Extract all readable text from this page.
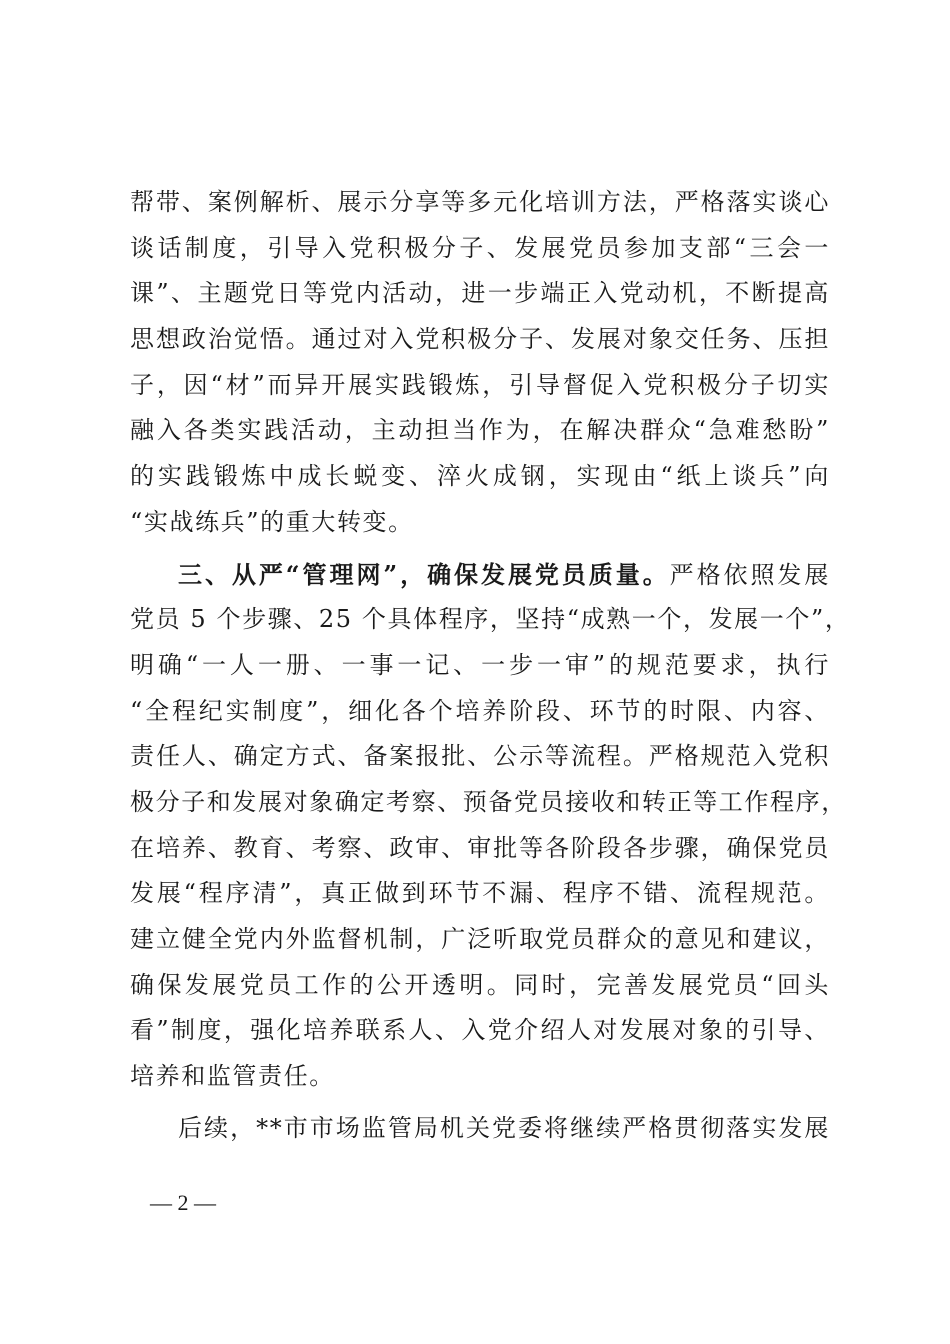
帮带、案例解析、展示分享等多元化培训方法，严格落实谈心
谈话制度，引导入党积极分子、发展党员参加支部“三会一
课”、主题党日等党内活动，进一步端正入党动机，不断提高
思想政治觉悟。通过对入党积极分子、发展对象交任务、压担
子，因“材”而异开展实践锻炼，引导督促入党积极分子切实
融入各类实践活动，主动担当作为，在解决群众“急难愁盼”
的实践锻炼中成长蜕变、淬火成钢，实现由“纸上谈兵”向
“实战练兵”的重大转变。
三、从严“管理网”，确保发展党员质量。严格依照发展
党员 5 个步骤、25 个具体程序，坚持“成熟一个，发展一个”，
明确“一人一册、一事一记、一步一审”的规范要求，执行
“全程纪实制度”，细化各个培养阶段、环节的时限、内容、
责任人、确定方式、备案报批、公示等流程。严格规范入党积
极分子和发展对象确定考察、预备党员接收和转正等工作程序，
在培养、教育、考察、政审、审批等各阶段各步骤，确保党员
发展“程序清”，真正做到环节不漏、程序不错、流程规范。
建立健全党内外监督机制，广泛听取党员群众的意见和建议，
确保发展党员工作的公开透明。同时，完善发展党员“回头
看”制度，强化培养联系人、入党介绍人对发展对象的引导、
培养和监管责任。
后续，**市市场监管局机关党委将继续严格贯彻落实发展
— 2 —
